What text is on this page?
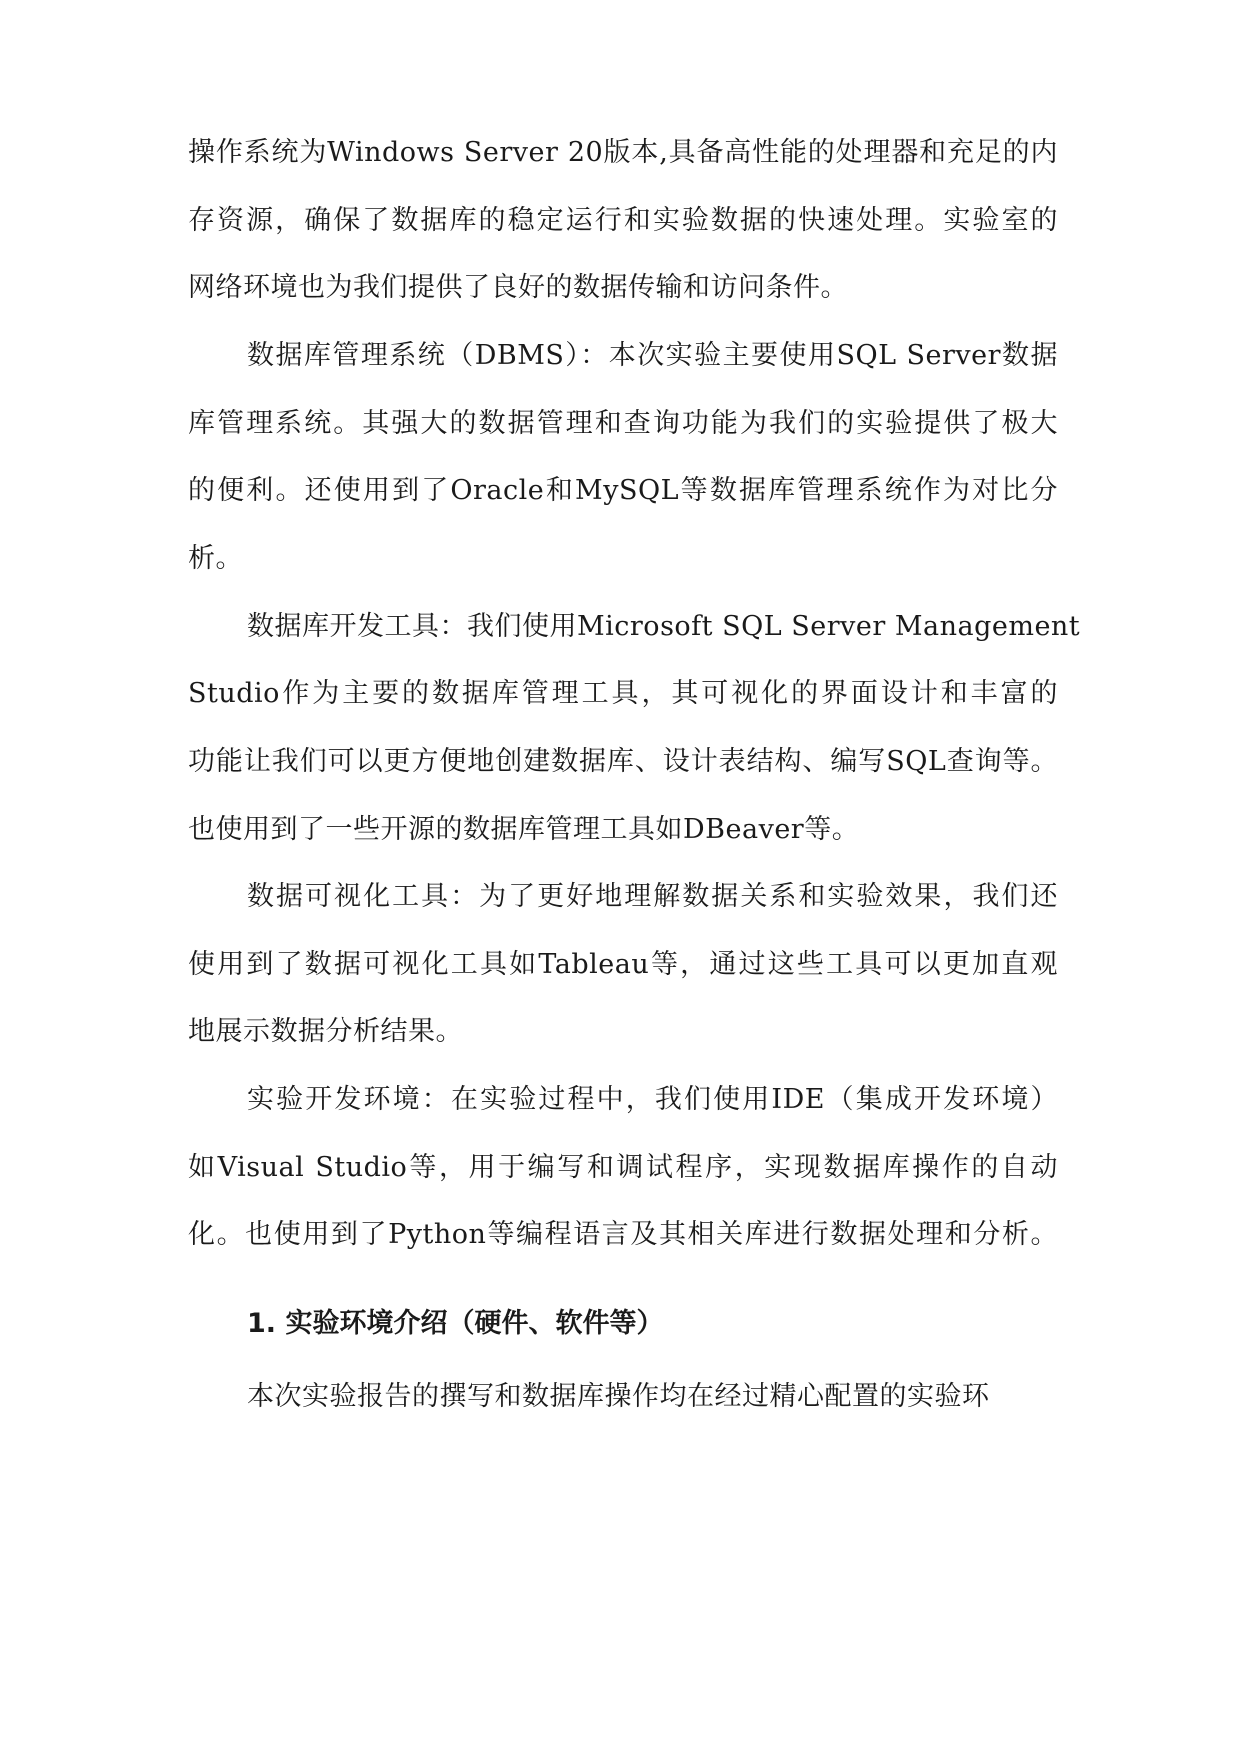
操作系统为Windows Server 20版本,具备高性能的处理器和充足的内
存资源，确保了数据库的稳定运行和实验数据的快速处理。实验室的
网络环境也为我们提供了良好的数据传输和访问条件。
数据库管理系统（DBMS）：本次实验主要使用SQL Server数据
库管理系统。其强大的数据管理和查询功能为我们的实验提供了极大
的便利。还使用到了Oracle和MySQL等数据库管理系统作为对比分
析。
数据库开发工具：我们使用Microsoft SQL Server Management
Studio作为主要的数据库管理工具，其可视化的界面设计和丰富的
功能让我们可以更方便地创建数据库、设计表结构、编写SQL查询等。
也使用到了一些开源的数据库管理工具如DBeaver等。
数据可视化工具：为了更好地理解数据关系和实验效果，我们还
使用到了数据可视化工具如Tableau等，通过这些工具可以更加直观
地展示数据分析结果。
实验开发环境：在实验过程中，我们使用IDE（集成开发环境）
如Visual Studio等，用于编写和调试程序，实现数据库操作的自动
化。也使用到了Python等编程语言及其相关库进行数据处理和分析。
1. 实验环境介绍（硬件、软件等）
本次实验报告的撰写和数据库操作均在经过精心配置的实验环
